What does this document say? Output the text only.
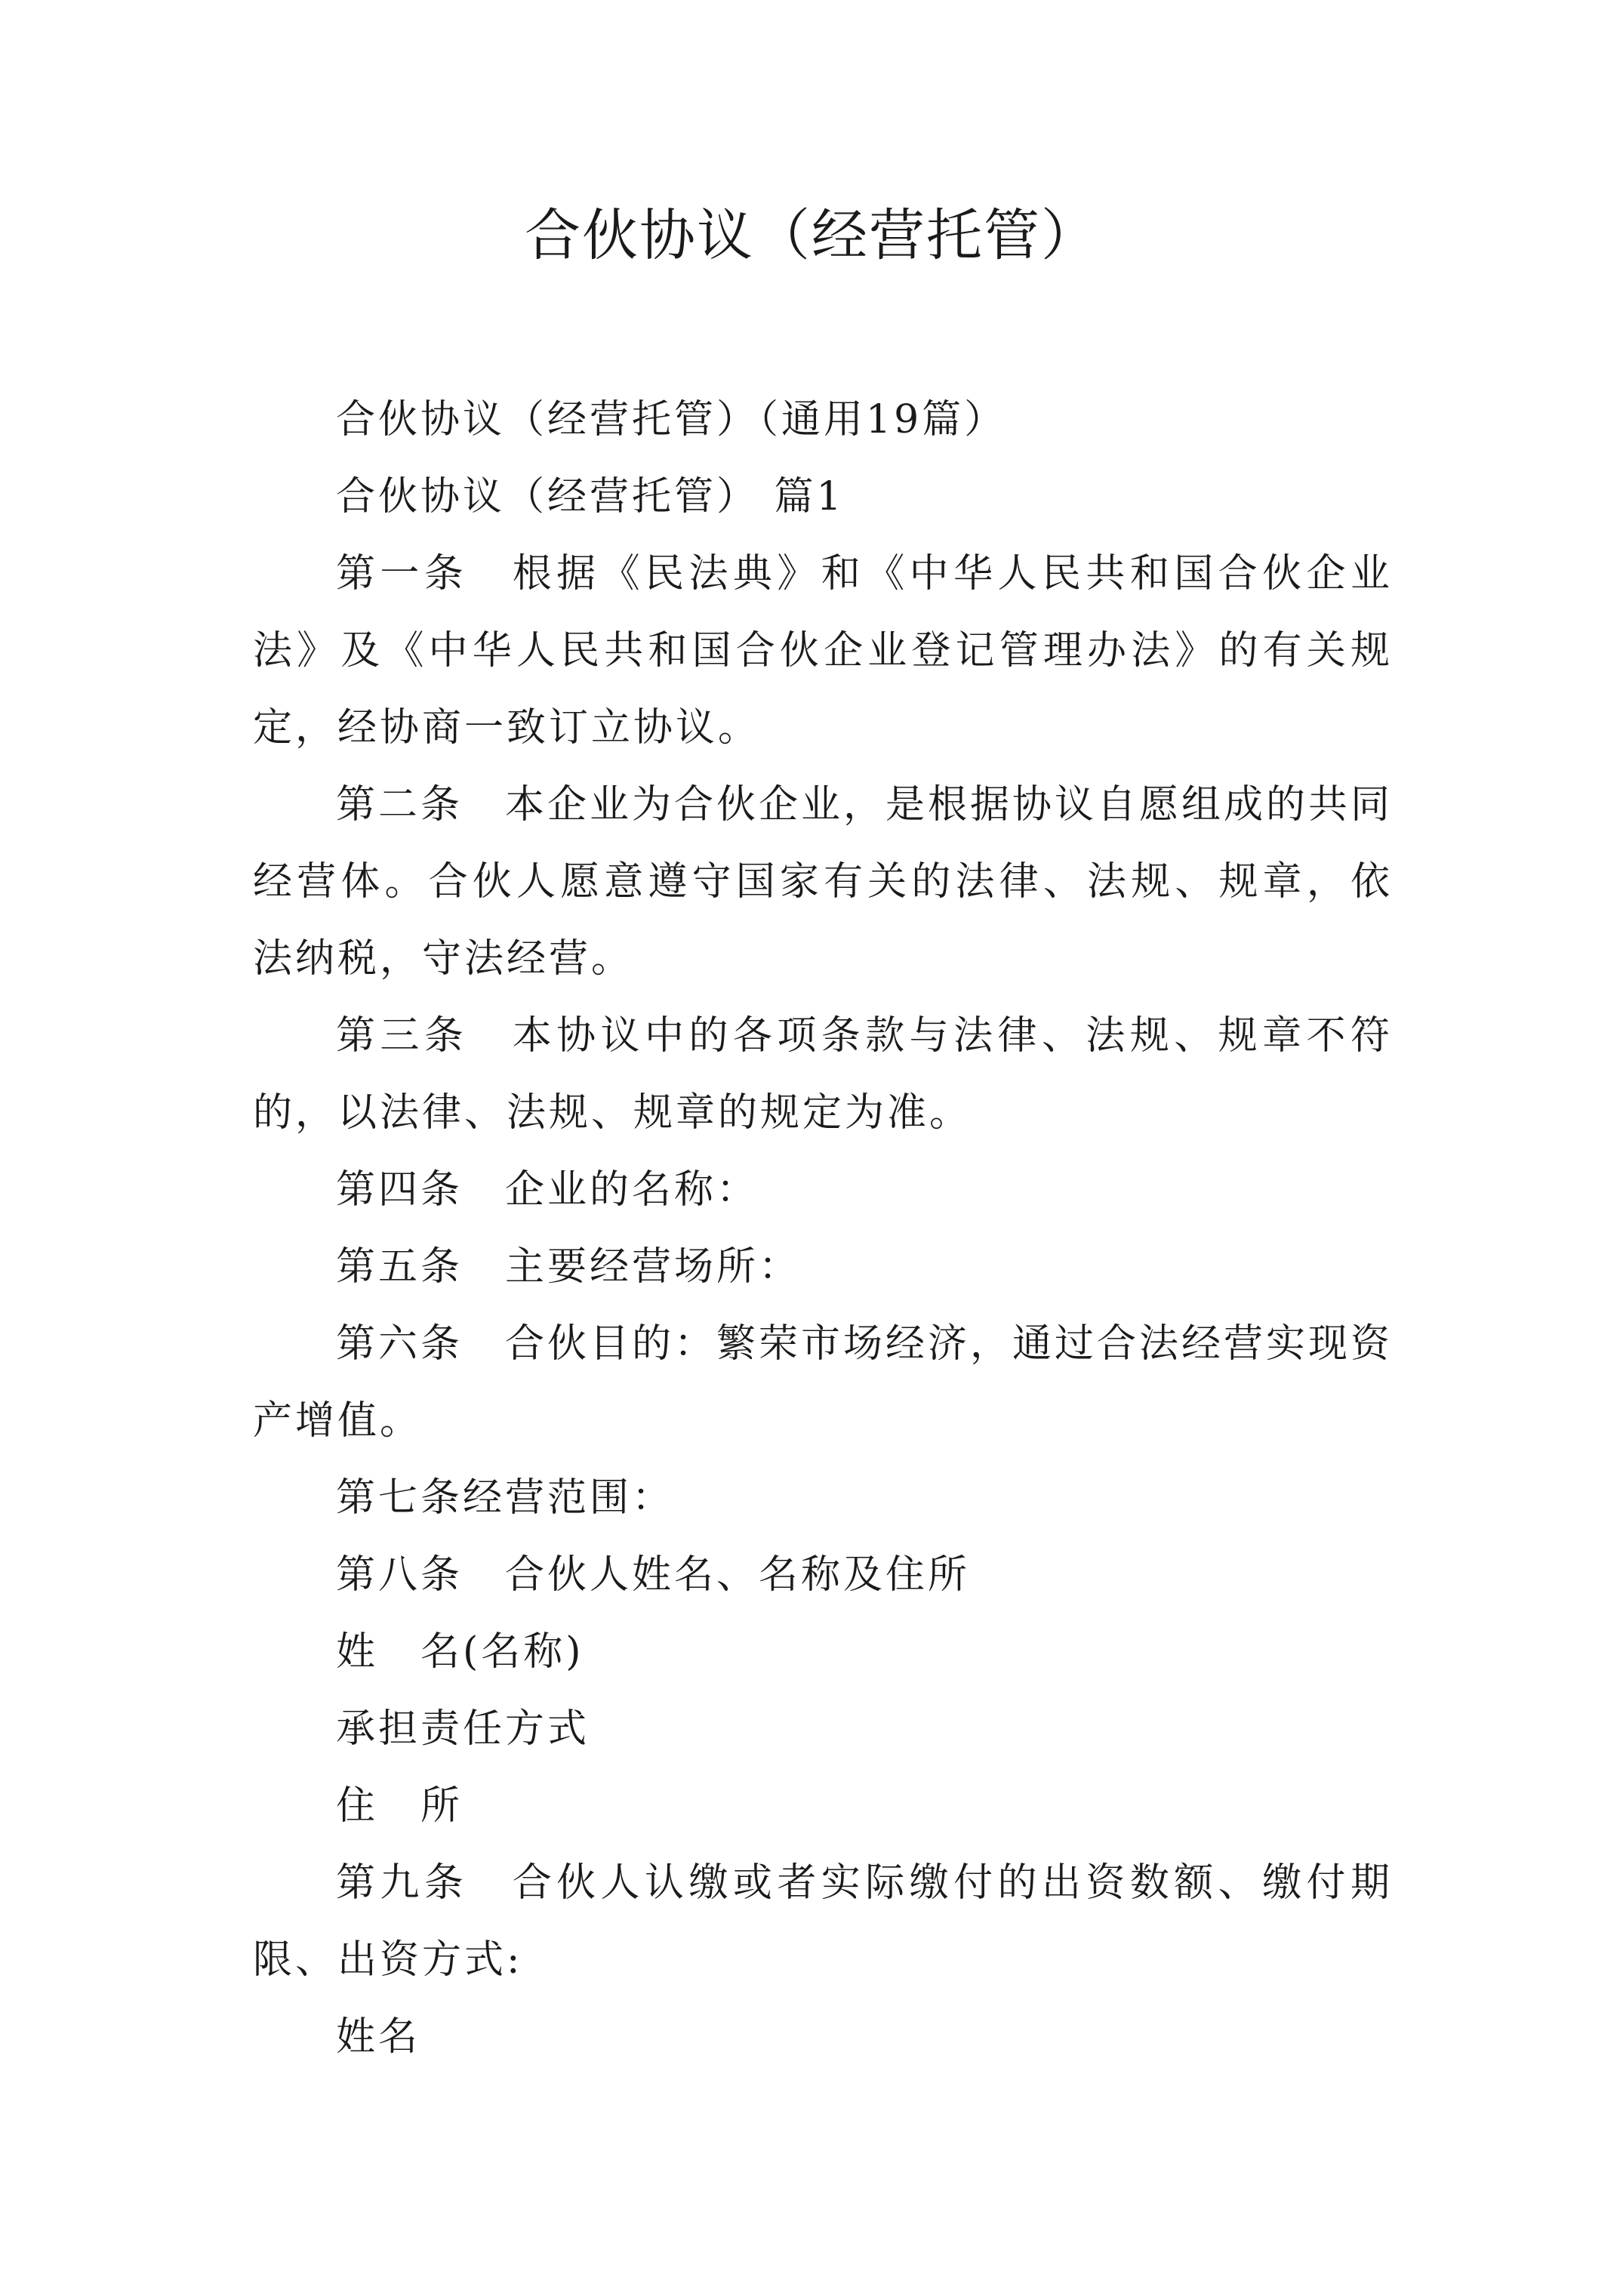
合伙协议（经营托管）

合伙协议（经营托管）（通用19篇）

合伙协议（经营托管） 篇1

第一条　根据《民法典》和《中华人民共和国合伙企业法》及《中华人民共和国合伙企业登记管理办法》的有关规定，经协商一致订立协议。

第二条　本企业为合伙企业，是根据协议自愿组成的共同经营体。合伙人愿意遵守国家有关的法律、法规、规章，依法纳税，守法经营。

第三条　本协议中的各项条款与法律、法规、规章不符的，以法律、法规、规章的规定为准。

第四条　企业的名称：

第五条　主要经营场所：

第六条　合伙目的：繁荣市场经济，通过合法经营实现资产增值。

第七条经营范围：

第八条　合伙人姓名、名称及住所

姓　名(名称)

承担责任方式

住　所

第九条　合伙人认缴或者实际缴付的出资数额、缴付期限、出资方式:

姓名
